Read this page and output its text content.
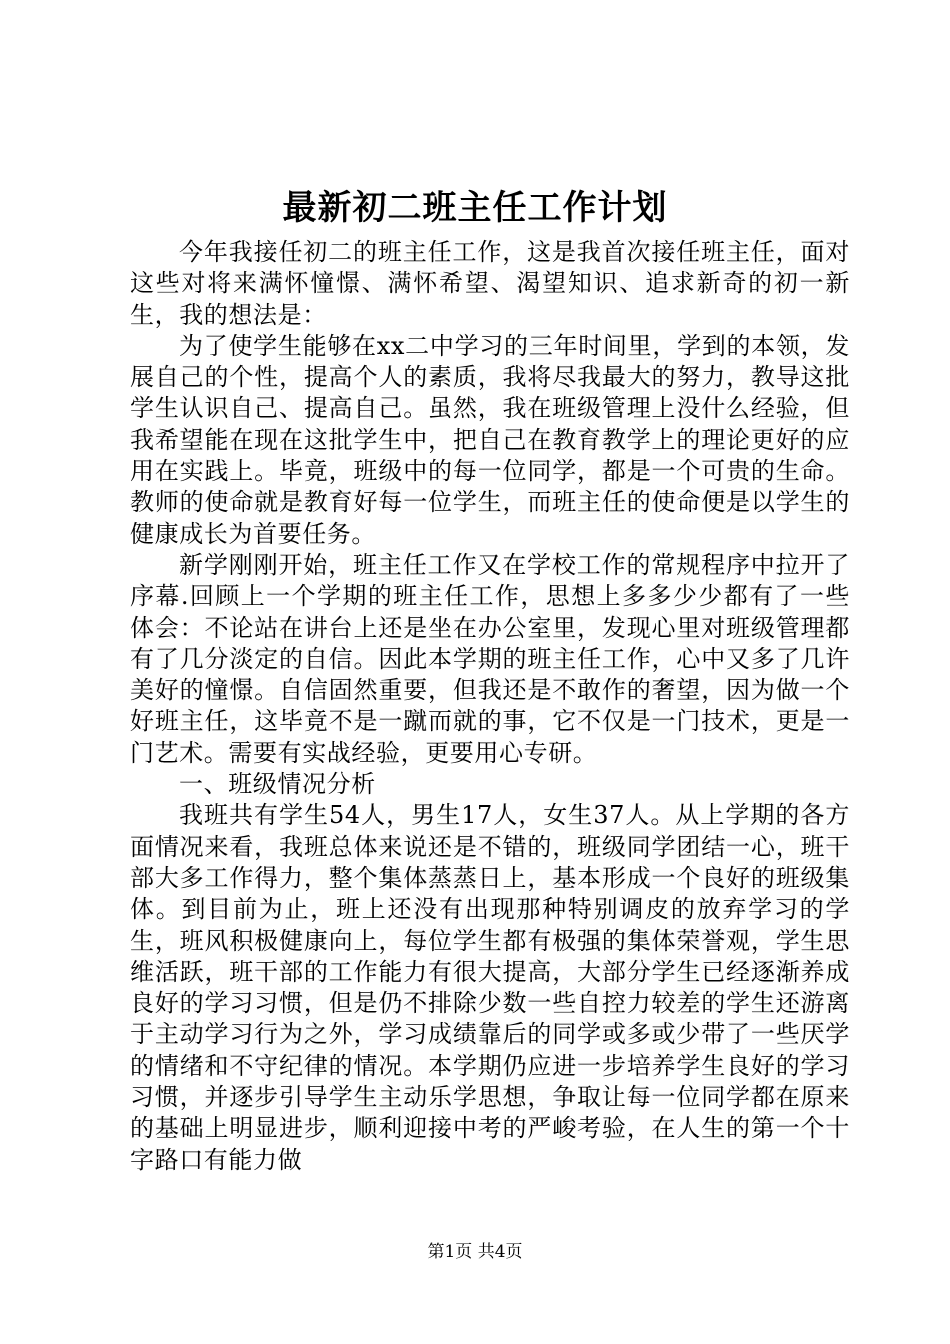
最新初二班主任工作计划

今年我接任初二的班主任工作，这是我首次接任班主任，面对这些对将来满怀憧憬、满怀希望、渴望知识、追求新奇的初一新生，我的想法是：

为了使学生能够在xx二中学习的三年时间里，学到的本领，发展自己的个性，提高个人的素质，我将尽我最大的努力，教导这批学生认识自己、提高自己。虽然，我在班级管理上没什么经验，但我希望能在现在这批学生中，把自己在教育教学上的理论更好的应用在实践上。毕竟，班级中的每一位同学，都是一个可贵的生命。教师的使命就是教育好每一位学生，而班主任的使命便是以学生的健康成长为首要任务。

新学刚刚开始，班主任工作又在学校工作的常规程序中拉开了序幕.回顾上一个学期的班主任工作，思想上多多少少都有了一些体会：不论站在讲台上还是坐在办公室里，发现心里对班级管理都有了几分淡定的自信。因此本学期的班主任工作，心中又多了几许美好的憧憬。自信固然重要，但我还是不敢作的奢望，因为做一个好班主任，这毕竟不是一蹴而就的事，它不仅是一门技术，更是一门艺术。需要有实战经验，更要用心专研。

一、班级情况分析

我班共有学生54人，男生17人，女生37人。从上学期的各方面情况来看，我班总体来说还是不错的，班级同学团结一心，班干部大多工作得力，整个集体蒸蒸日上，基本形成一个良好的班级集体。到目前为止，班上还没有出现那种特别调皮的放弃学习的学生，班风积极健康向上，每位学生都有极强的集体荣誉观，学生思维活跃，班干部的工作能力有很大提高，大部分学生已经逐渐养成良好的学习习惯，但是仍不排除少数一些自控力较差的学生还游离于主动学习行为之外，学习成绩靠后的同学或多或少带了一些厌学的情绪和不守纪律的情况。本学期仍应进一步培养学生良好的学习习惯，并逐步引导学生主动乐学思想，争取让每一位同学都在原来的基础上明显进步，顺利迎接中考的严峻考验，在人生的第一个十字路口有能力做

第1页 共4页
